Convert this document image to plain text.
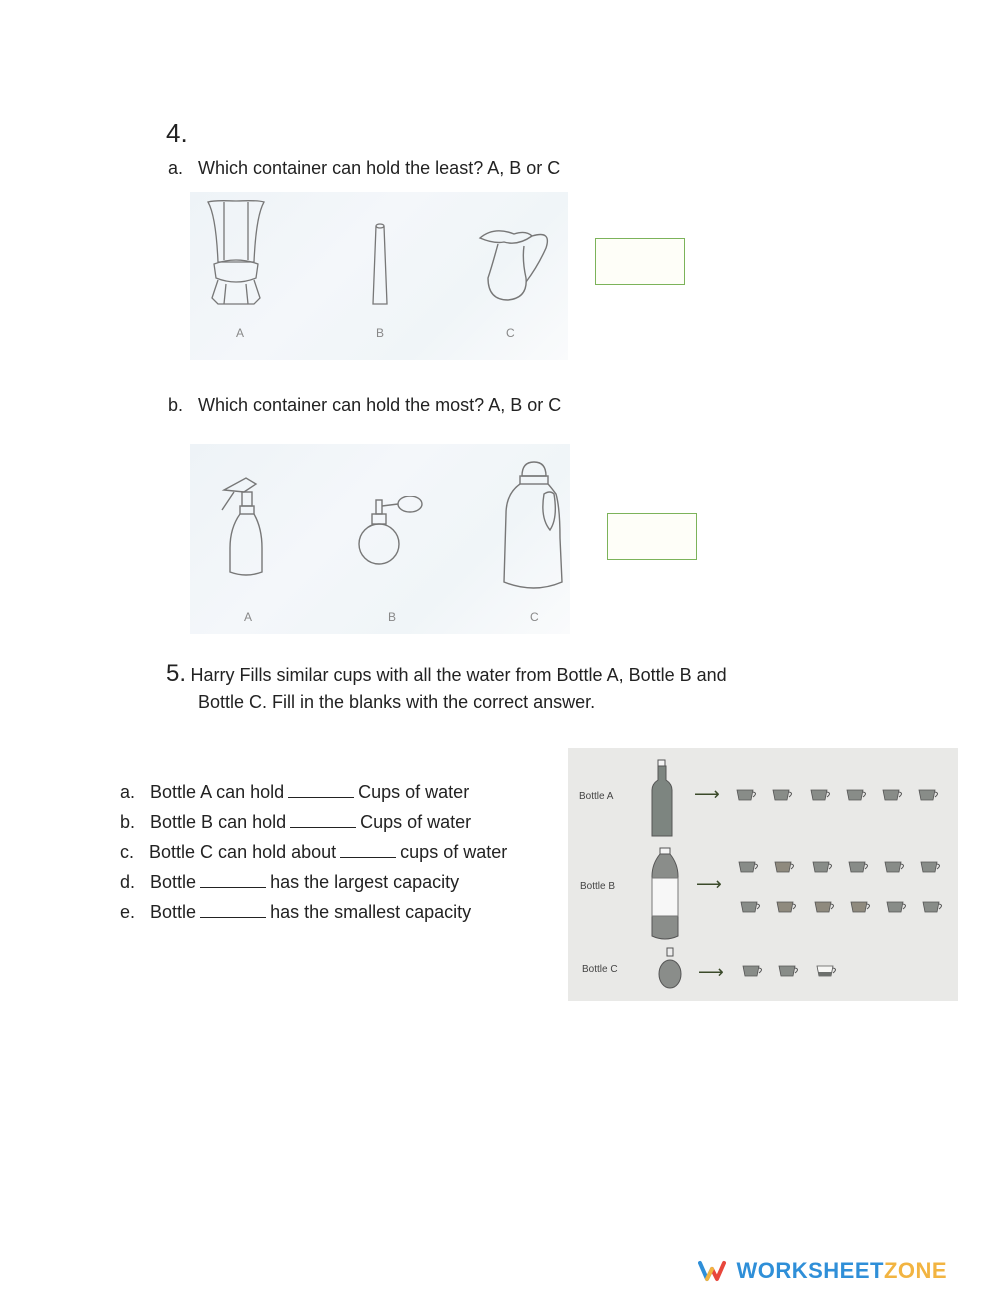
4.
a. Which container can hold the least? A, B or C
A	B	C
b. Which container can hold the most? A, B or C
A	B	C
5. Harry Fills similar cups with all the water from Bottle A, Bottle B and
Bottle C. Fill in the blanks with the correct answer.
a. Bottle A can hold	Cups of water
b. Bottle B can hold	Cups of water
c. Bottle C can hold about	cups of water
d. Bottle	has the largest capacity
e. Bottle	has the smallest capacity
Bottle A	⟶
Bottle B	⟶
Bottle C	⟶
WORKSHEETZONE
